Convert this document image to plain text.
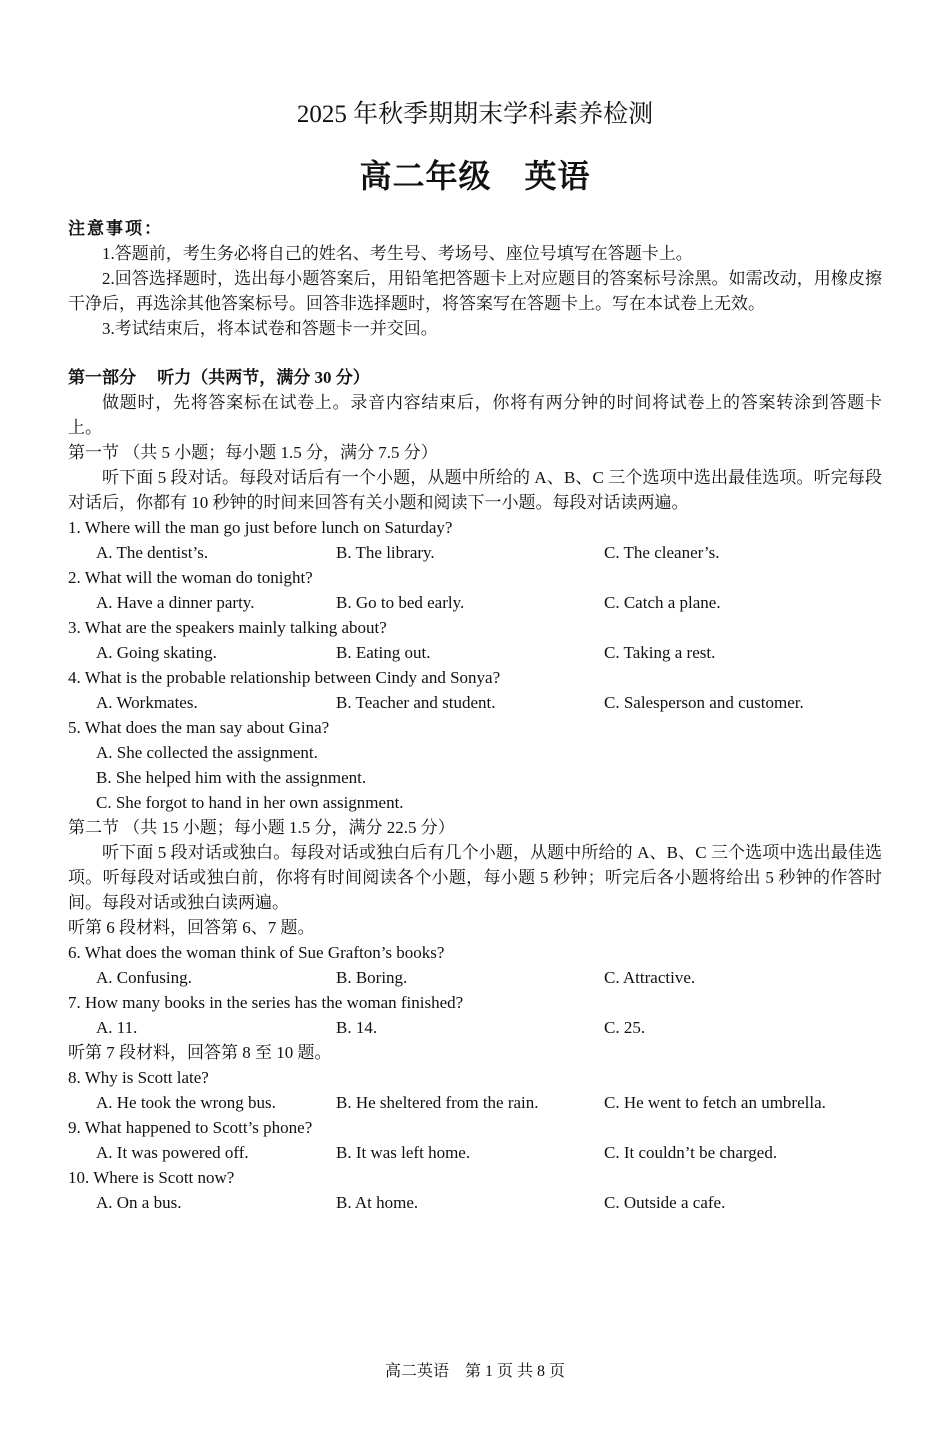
2025 年秋季期期末学科素养检测
高二年级　英语
注意事项：

1.答题前，考生务必将自己的姓名、考生号、考场号、座位号填写在答题卡上。

2.回答选择题时，选出每小题答案后，用铅笔把答题卡上对应题目的答案标号涂黑。如需改动，用橡皮擦干净后，再选涂其他答案标号。回答非选择题时，将答案写在答题卡上。写在本试卷上无效。

3.考试结束后，将本试卷和答题卡一并交回。

第一部分　 听力（共两节，满分 30 分）

做题时，先将答案标在试卷上。录音内容结束后，你将有两分钟的时间将试卷上的答案转涂到答题卡上。

第一节 （共 5 小题；每小题 1.5 分，满分 7.5 分）

听下面 5 段对话。每段对话后有一个小题，从题中所给的 A、B、C 三个选项中选出最佳选项。听完每段对话后，你都有 10 秒钟的时间来回答有关小题和阅读下一小题。每段对话读两遍。

1. Where will the man go just before lunch on Saturday?

A. The dentist’s.	B. The library.	C. The cleaner’s.

2. What will the woman do tonight?

A. Have a dinner party.	B. Go to bed early.	C. Catch a plane.

3. What are the speakers mainly talking about?

A. Going skating.	B. Eating out.	C. Taking a rest.

4. What is the probable relationship between Cindy and Sonya?

A. Workmates.	B. Teacher and student.	C. Salesperson and customer.

5. What does the man say about Gina?

A. She collected the assignment.

B. She helped him with the assignment.

C. She forgot to hand in her own assignment.

第二节 （共 15 小题；每小题 1.5 分，满分 22.5 分）

听下面 5 段对话或独白。每段对话或独白后有几个小题，从题中所给的 A、B、C 三个选项中选出最佳选项。听每段对话或独白前，你将有时间阅读各个小题，每小题 5 秒钟；听完后各小题将给出 5 秒钟的作答时间。每段对话或独白读两遍。

听第 6 段材料，回答第 6、7 题。

6. What does the woman think of Sue Grafton’s books?

A. Confusing.	B. Boring.	C. Attractive.

7. How many books in the series has the woman finished?

A. 11.	B. 14.	C. 25.

听第 7 段材料，回答第 8 至 10 题。

8. Why is Scott late?

A. He took the wrong bus.	B. He sheltered from the rain.	C. He went to fetch an umbrella.

9. What happened to Scott’s phone?

A. It was powered off.	B. It was left home.	C. It couldn’t be charged.

10. Where is Scott now?

A. On a bus.	B. At home.	C. Outside a cafe.
高二英语　第 1 页 共 8 页
